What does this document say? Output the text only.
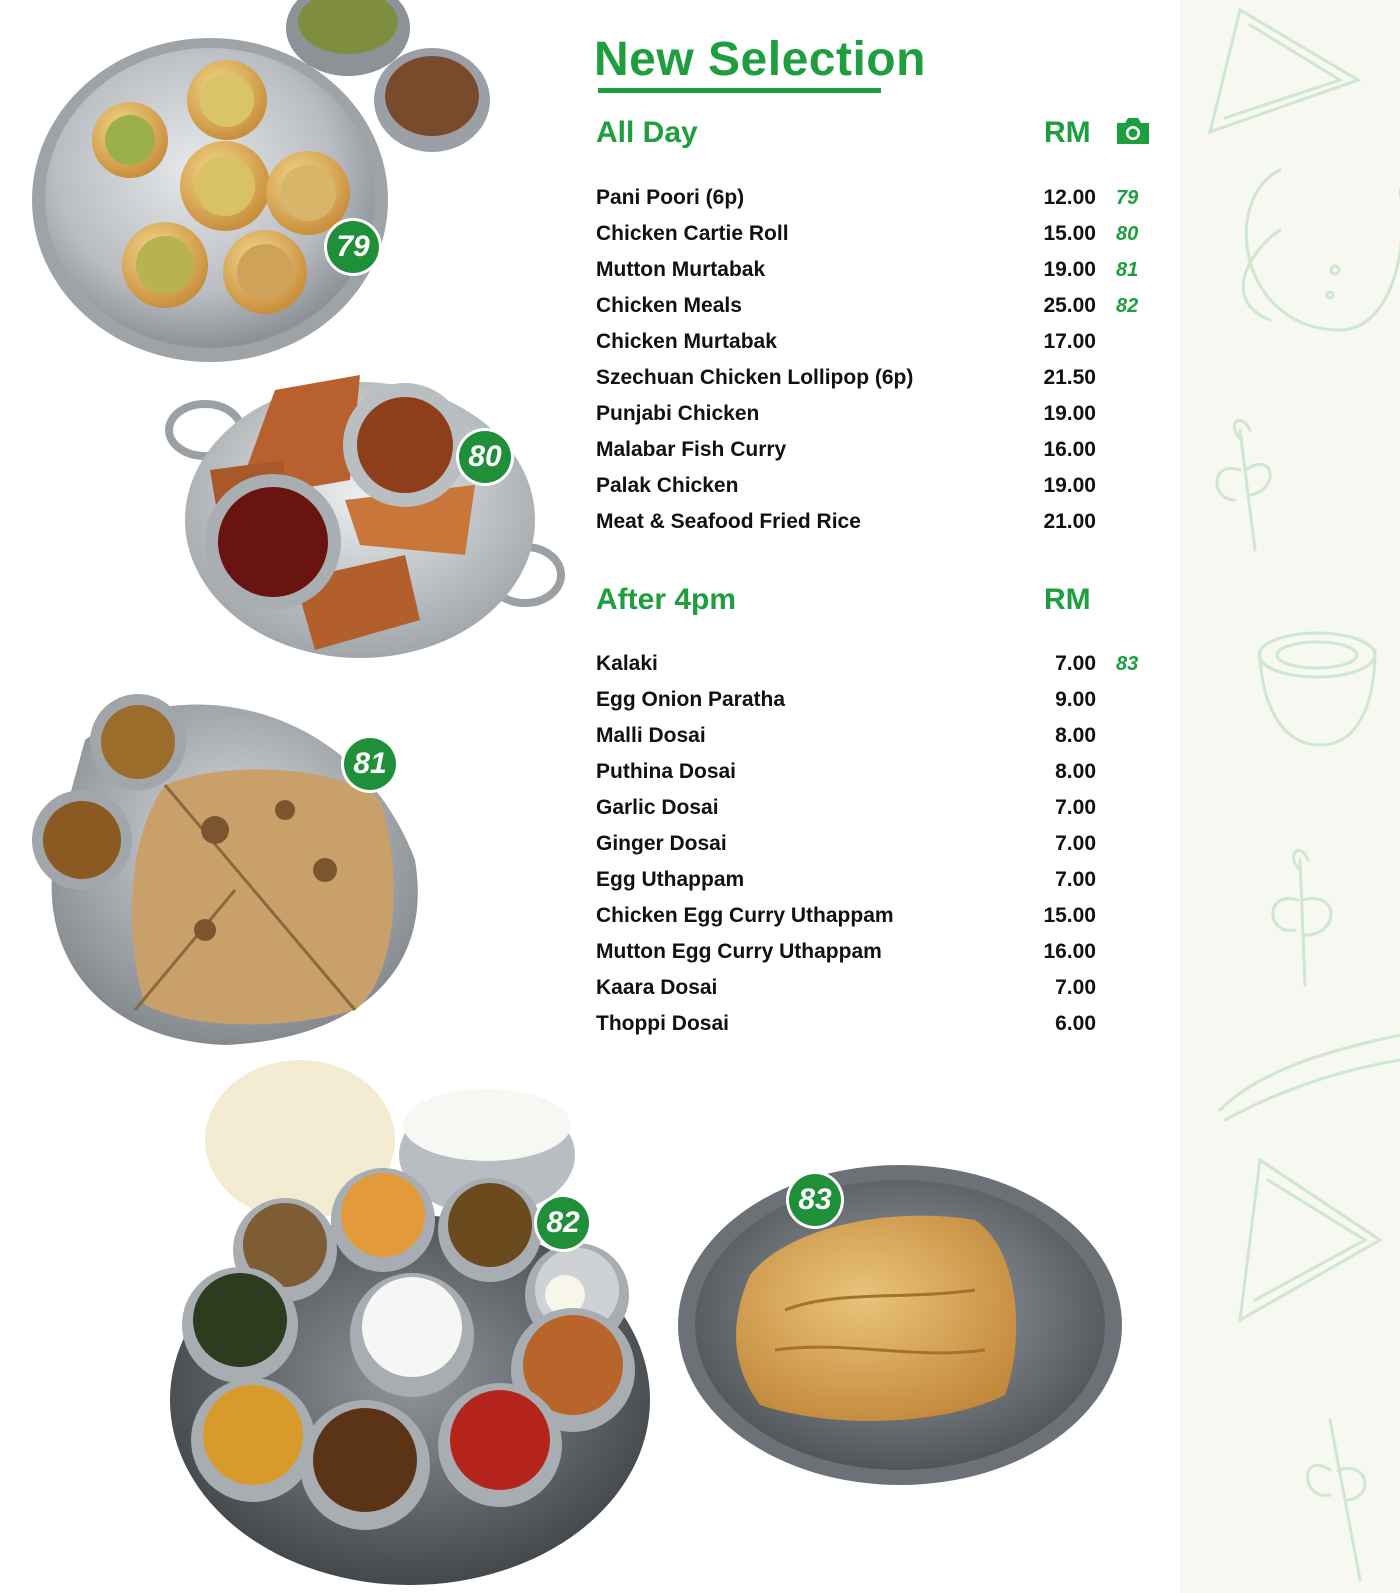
New Selection
All Day	RM
Pani Poori (6p)	12.00 79
Chicken Cartie Roll	15.00 80
Mutton Murtabak	19.00 81
Chicken Meals	25.00 82
Chicken Murtabak	17.00
Szechuan Chicken Lollipop (6p)	21.50
Punjabi Chicken	19.00
Malabar Fish Curry	16.00
Palak Chicken	19.00
Meat & Seafood Fried Rice	21.00
After 4pm	RM
Kalaki	7.00 83
Egg Onion Paratha	9.00
Malli Dosai	8.00
Puthina Dosai	8.00
Garlic Dosai	7.00
Ginger Dosai	7.00
Egg Uthappam	7.00
Chicken Egg Curry Uthappam	15.00
Mutton Egg Curry Uthappam	16.00
Kaara Dosai	7.00
Thoppi Dosai	6.00
79
80
81
82
83
